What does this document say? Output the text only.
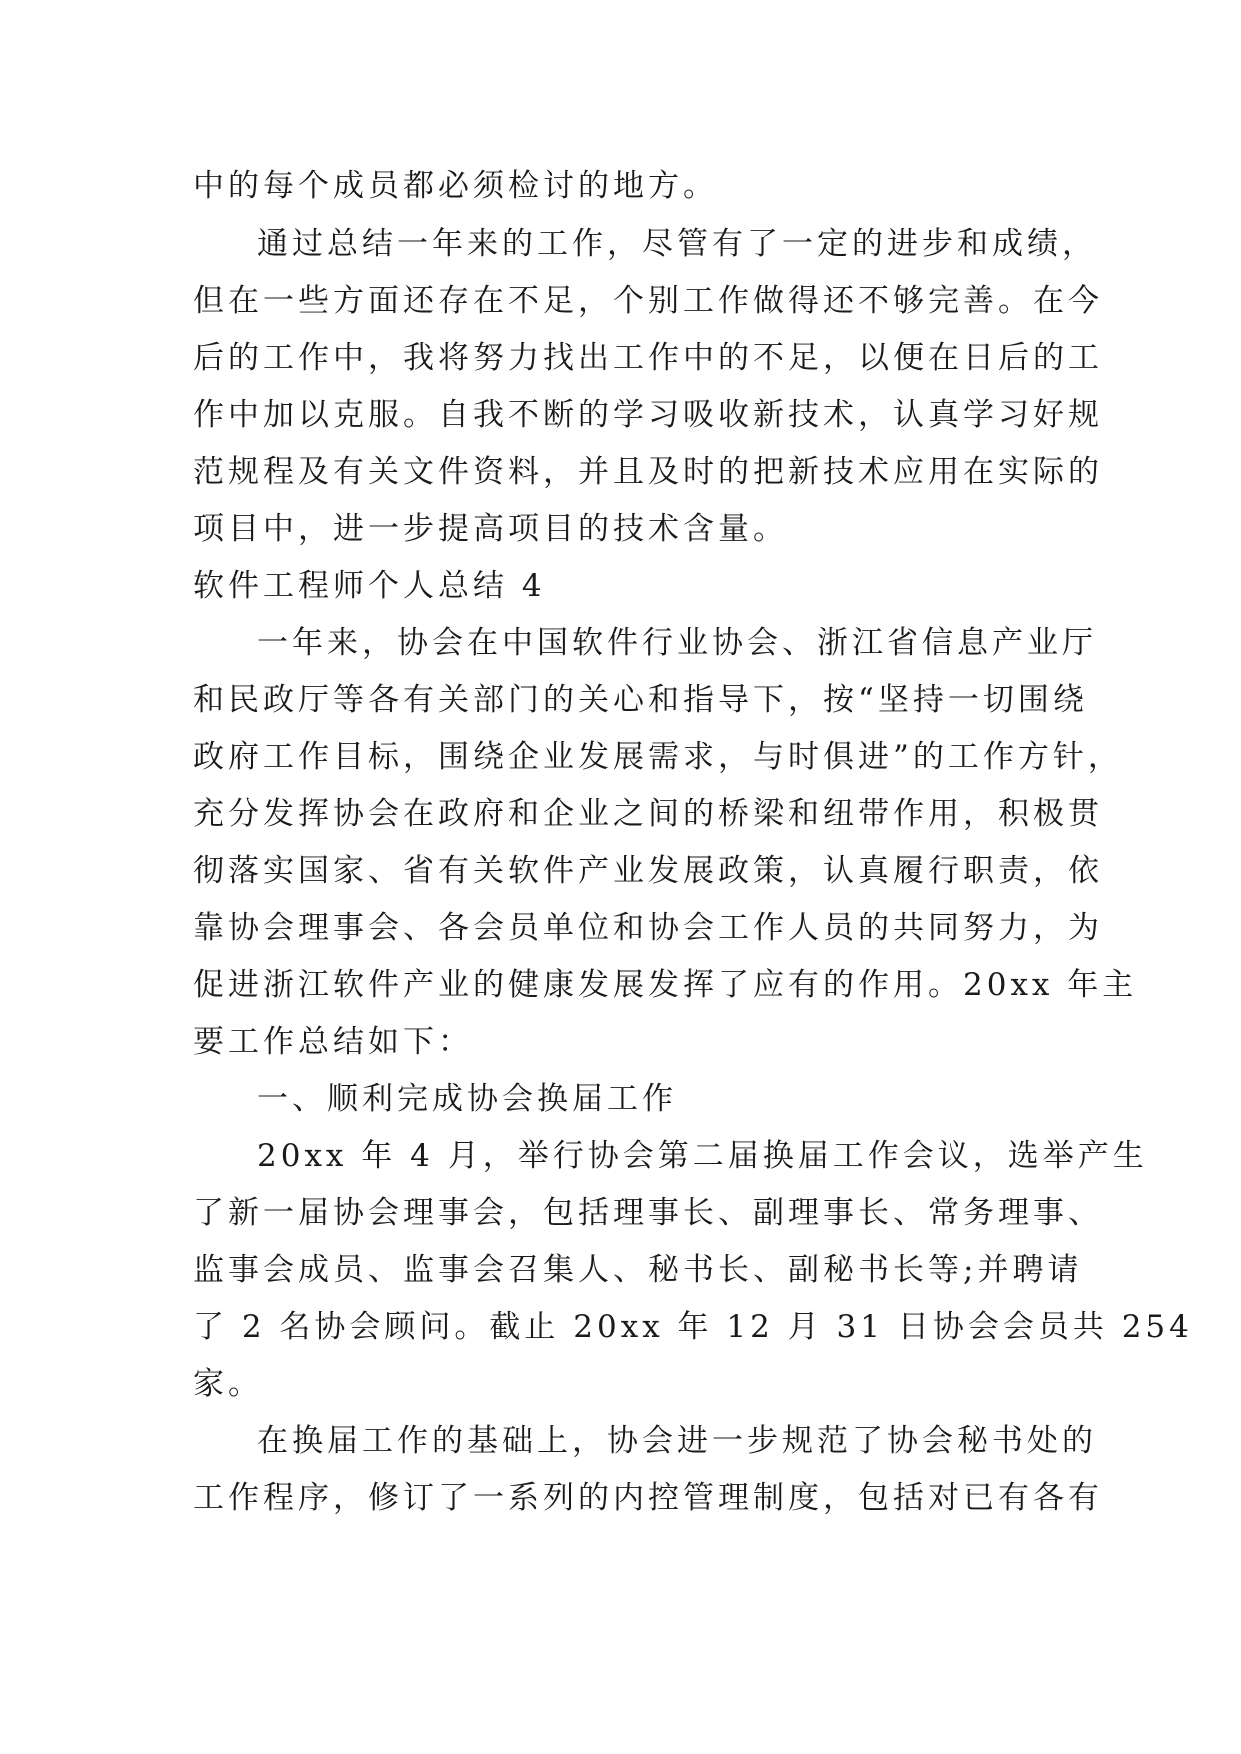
中的每个成员都必须检讨的地方。
通过总结一年来的工作，尽管有了一定的进步和成绩，
但在一些方面还存在不足，个别工作做得还不够完善。在今
后的工作中，我将努力找出工作中的不足，以便在日后的工
作中加以克服。自我不断的学习吸收新技术，认真学习好规
范规程及有关文件资料，并且及时的把新技术应用在实际的
项目中，进一步提高项目的技术含量。
软件工程师个人总结 4
一年来，协会在中国软件行业协会、浙江省信息产业厅
和民政厅等各有关部门的关心和指导下，按“坚持一切围绕
政府工作目标，围绕企业发展需求，与时俱进”的工作方针，
充分发挥协会在政府和企业之间的桥梁和纽带作用，积极贯
彻落实国家、省有关软件产业发展政策，认真履行职责，依
靠协会理事会、各会员单位和协会工作人员的共同努力，为
促进浙江软件产业的健康发展发挥了应有的作用。20xx 年主
要工作总结如下：
一、顺利完成协会换届工作
20xx 年 4 月，举行协会第二届换届工作会议，选举产生
了新一届协会理事会，包括理事长、副理事长、常务理事、
监事会成员、监事会召集人、秘书长、副秘书长等;并聘请
了 2 名协会顾问。截止 20xx 年 12 月 31 日协会会员共 254
家。
在换届工作的基础上，协会进一步规范了协会秘书处的
工作程序，修订了一系列的内控管理制度，包括对已有各有
